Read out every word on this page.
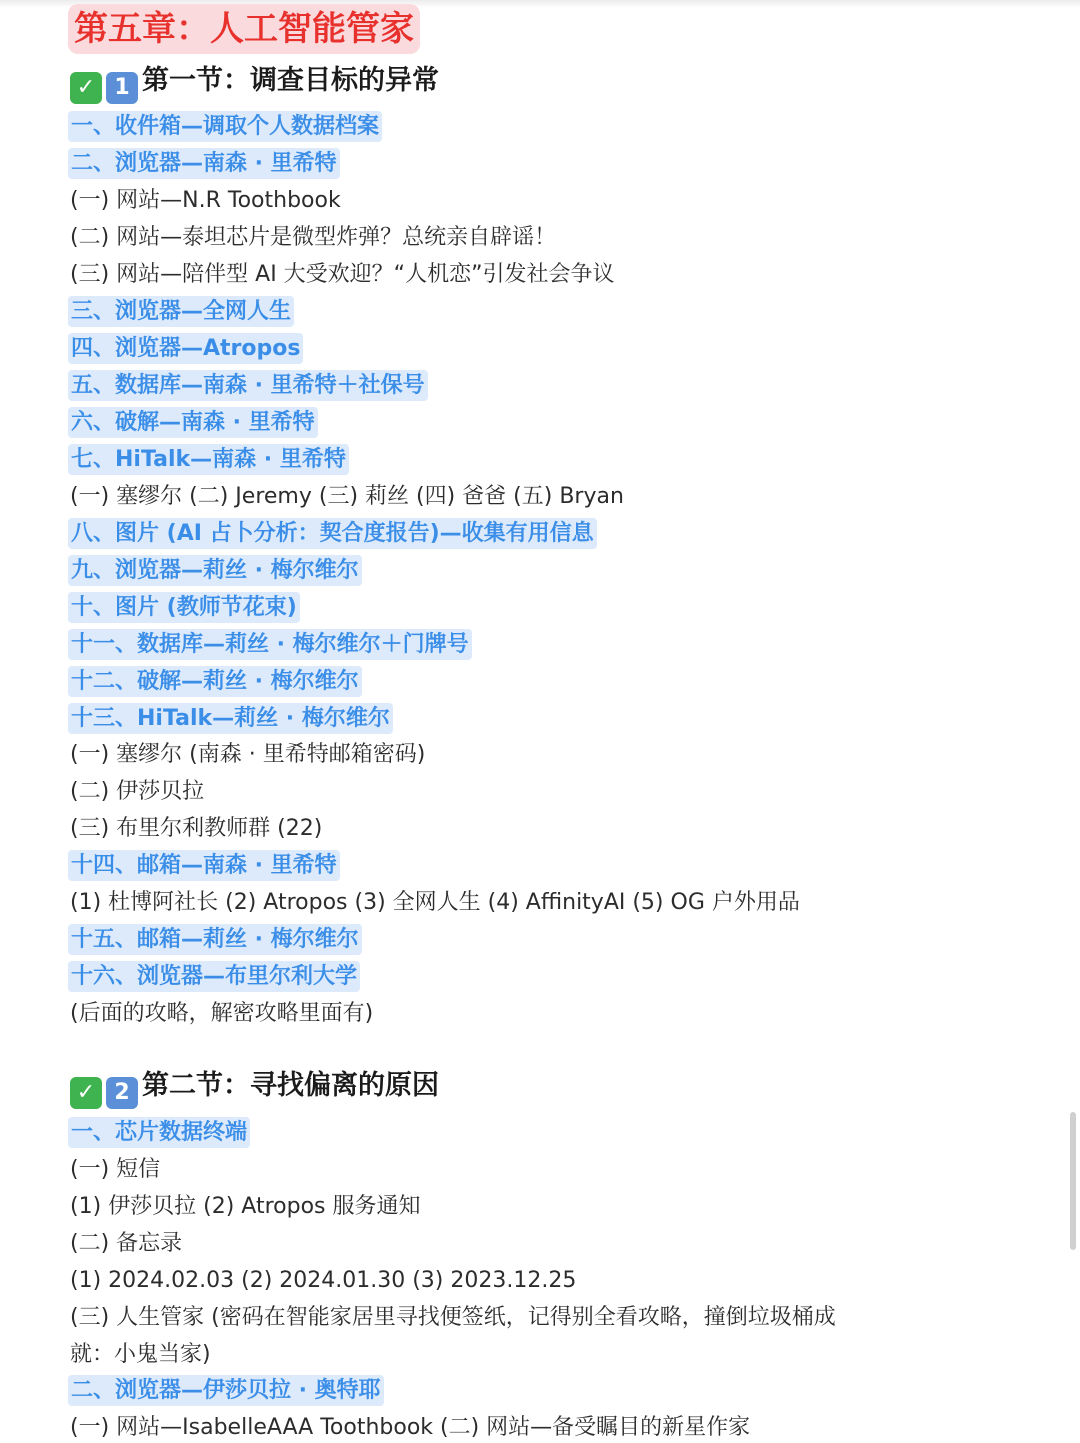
第五章：人工智能管家
✓ 1 第一节：调查目标的异常
一、收件箱—调取个人数据档案
二、浏览器—南森 · 里希特
(一) 网站—N.R Toothbook
(二) 网站—泰坦芯片是微型炸弹？总统亲自辟谣！
(三) 网站—陪伴型 AI 大受欢迎？“人机恋”引发社会争议
三、浏览器—全网人生
四、浏览器—Atropos
五、数据库—南森 · 里希特＋社保号
六、破解—南森 · 里希特
七、HiTalk—南森 · 里希特
(一) 塞缪尔 (二) Jeremy (三) 莉丝 (四) 爸爸 (五) Bryan
八、图片 (AI 占卜分析：契合度报告)—收集有用信息
九、浏览器—莉丝 · 梅尔维尔
十、图片 (教师节花束)
十一、数据库—莉丝 · 梅尔维尔＋门牌号
十二、破解—莉丝 · 梅尔维尔
十三、HiTalk—莉丝 · 梅尔维尔
(一) 塞缪尔 (南森 · 里希特邮箱密码)
(二) 伊莎贝拉
(三) 布里尔利教师群 (22)
十四、邮箱—南森 · 里希特
(1) 杜博阿社长 (2) Atropos (3) 全网人生 (4) AffinityAI (5) OG 户外用品
十五、邮箱—莉丝 · 梅尔维尔
十六、浏览器—布里尔利大学
(后面的攻略，解密攻略里面有)
✓ 2 第二节：寻找偏离的原因
一、芯片数据终端
(一) 短信
(1) 伊莎贝拉 (2) Atropos 服务通知
(二) 备忘录
(1) 2024.02.03 (2) 2024.01.30 (3) 2023.12.25
(三) 人生管家 (密码在智能家居里寻找便签纸，记得别全看攻略，撞倒垃圾桶成
就：小鬼当家)
二、浏览器—伊莎贝拉 · 奥特耶
(一) 网站—IsabelleAAA Toothbook (二) 网站—备受瞩目的新星作家
